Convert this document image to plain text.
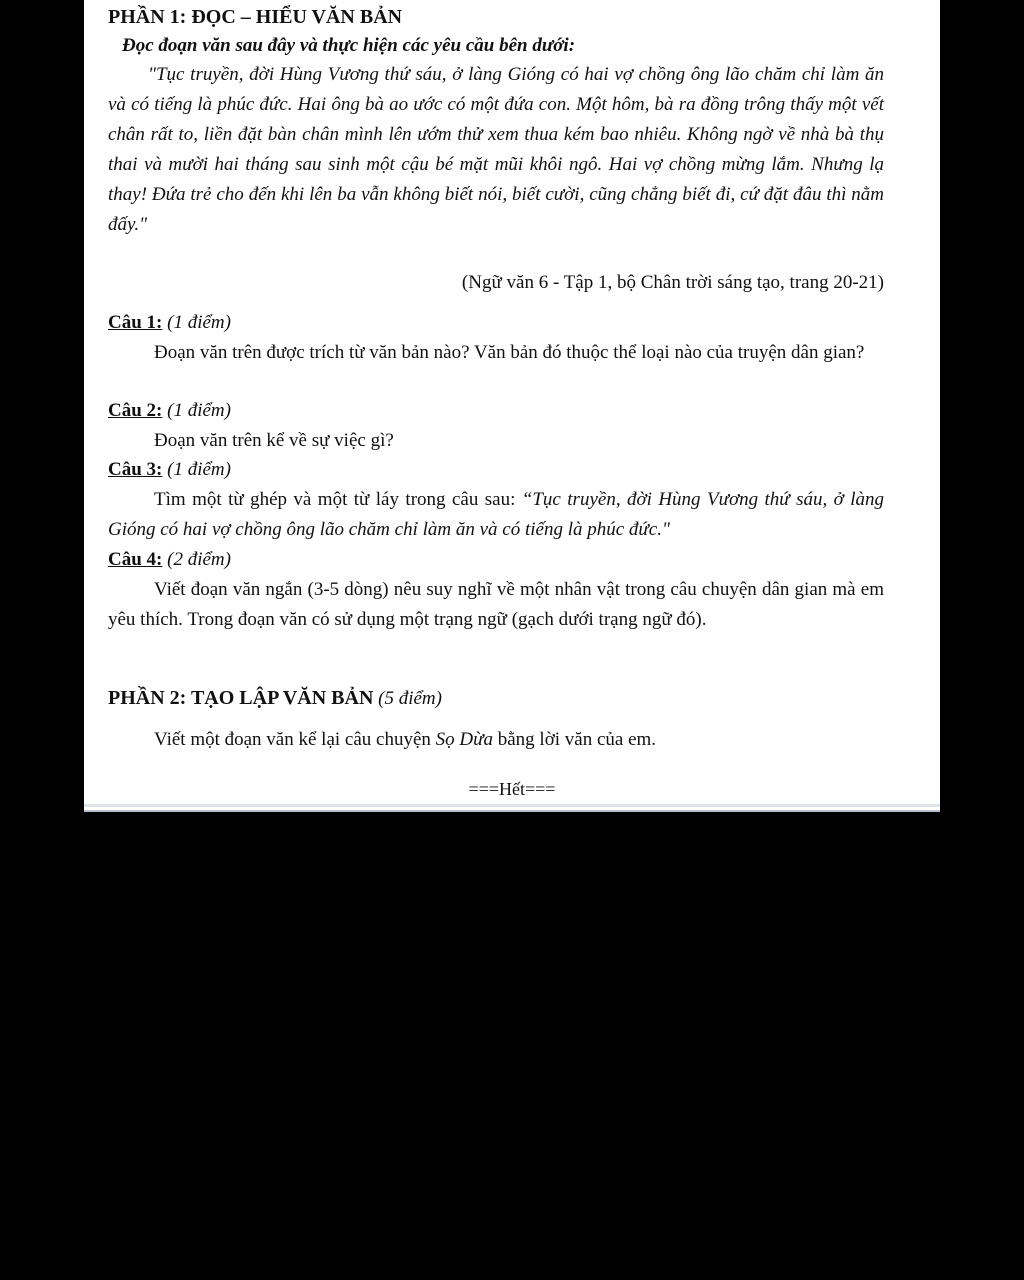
PHẦN 1: ĐỌC – HIỂU VĂN BẢN
Đọc đoạn văn sau đây và thực hiện các yêu cầu bên dưới:
"Tục truyền, đời Hùng Vương thứ sáu, ở làng Gióng có hai vợ chồng ông lão chăm chỉ làm ăn và có tiếng là phúc đức. Hai ông bà ao ước có một đứa con. Một hôm, bà ra đồng trông thấy một vết chân rất to, liền đặt bàn chân mình lên ướm thử xem thua kém bao nhiêu. Không ngờ về nhà bà thụ thai và mười hai tháng sau sinh một cậu bé mặt mũi khôi ngô. Hai vợ chồng mừng lắm. Nhưng lạ thay! Đứa trẻ cho đến khi lên ba vẫn không biết nói, biết cười, cũng chẳng biết đi, cứ đặt đâu thì nằm đấy."
(Ngữ văn 6 - Tập 1, bộ Chân trời sáng tạo, trang 20-21)
Câu 1: (1 điểm)
Đoạn văn trên được trích từ văn bản nào? Văn bản đó thuộc thể loại nào của truyện dân gian?
Câu 2: (1 điểm)
Đoạn văn trên kể về sự việc gì?
Câu 3: (1 điểm)
Tìm một từ ghép và một từ láy trong câu sau: “Tục truyền, đời Hùng Vương thứ sáu, ở làng Gióng có hai vợ chồng ông lão chăm chỉ làm ăn và có tiếng là phúc đức."
Câu 4: (2 điểm)
Viết đoạn văn ngắn (3-5 dòng) nêu suy nghĩ về một nhân vật trong câu chuyện dân gian mà em yêu thích. Trong đoạn văn có sử dụng một trạng ngữ (gạch dưới trạng ngữ đó).
PHẦN 2: TẠO LẬP VĂN BẢN (5 điểm)
Viết một đoạn văn kể lại câu chuyện Sọ Dừa bằng lời văn của em.
===Hết===
